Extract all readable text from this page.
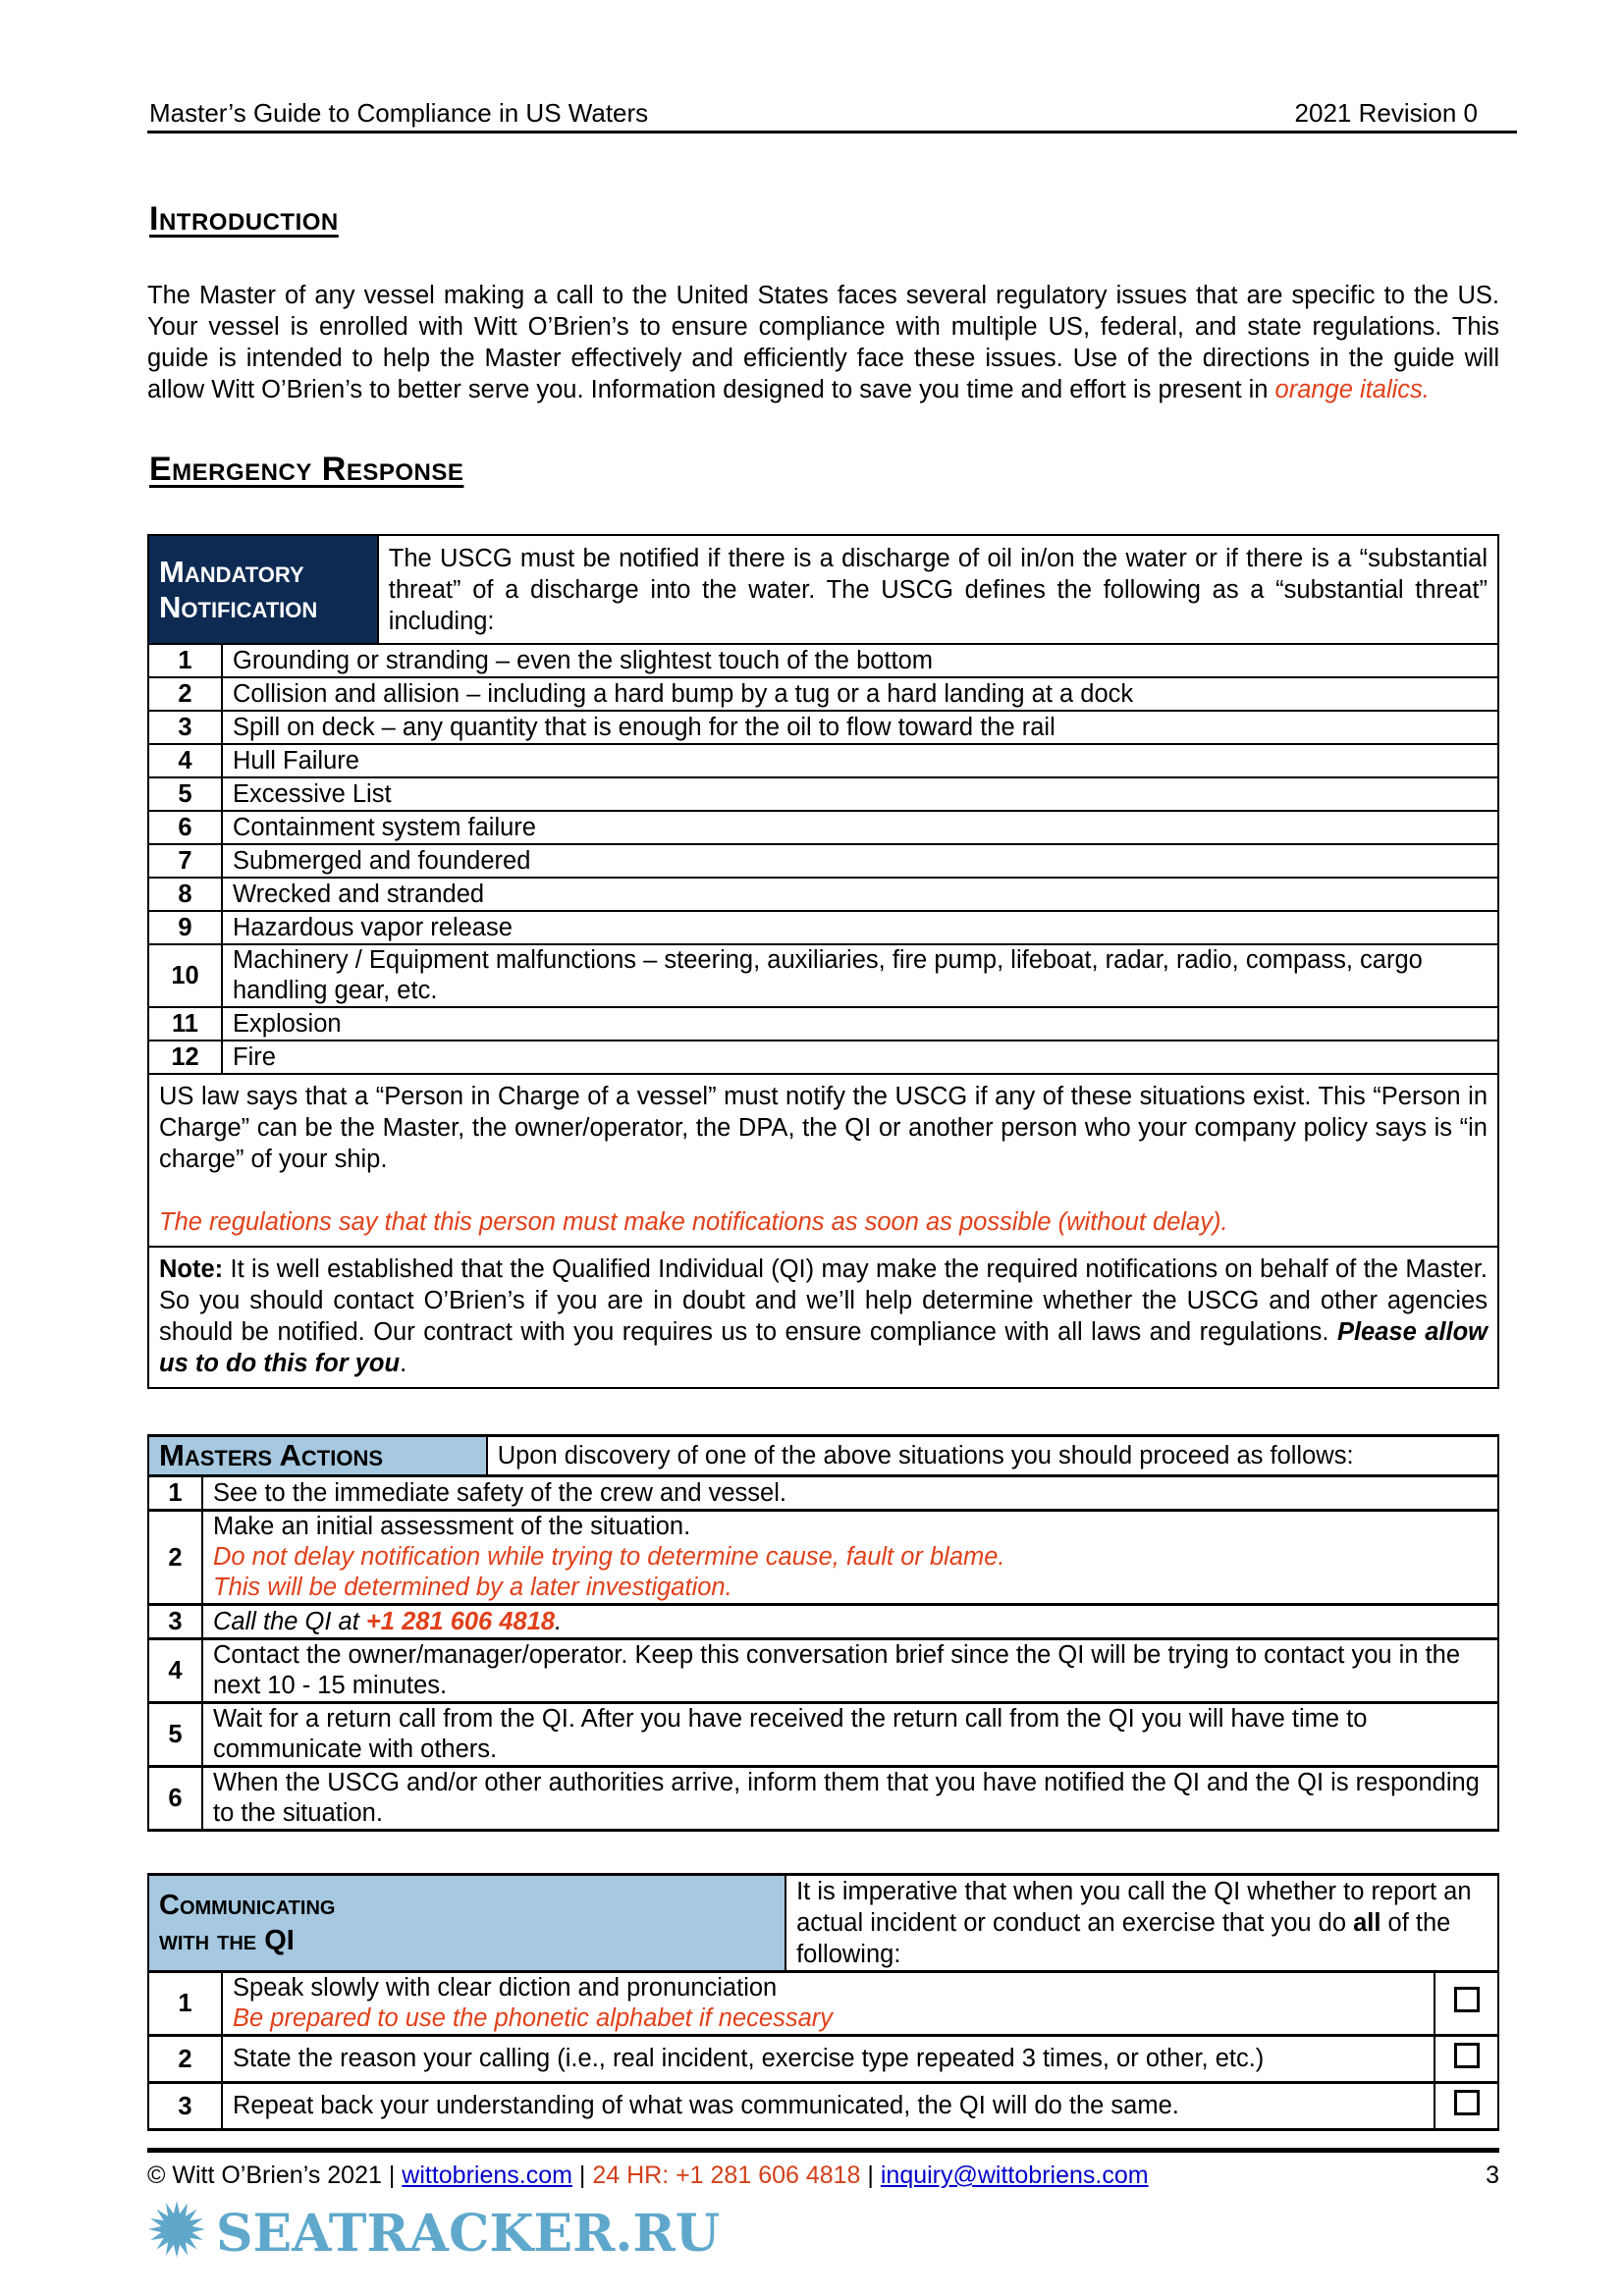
Master’s Guide to Compliance in US Waters	2021 Revision 0
Introduction

The Master of any vessel making a call to the United States faces several regulatory issues that are specific to the US. Your vessel is enrolled with Witt O’Brien’s to ensure compliance with multiple US, federal, and state regulations. This guide is intended to help the Master effectively and efficiently face these issues. Use of the directions in the guide will allow Witt O’Brien’s to better serve you. Information designed to save you time and effort is present in orange italics.

Emergency Response
Mandatory
Notification		The USCG must be notified if there is a discharge of oil in/on the water or if there is a “substantial threat” of a discharge into the water. The USCG defines the following as a “substantial threat” including:
1	Grounding or stranding – even the slightest touch of the bottom	
2	Collision and allision – including a hard bump by a tug or a hard landing at a dock	
3	Spill on deck – any quantity that is enough for the oil to flow toward the rail	
4	Hull Failure	
5	Excessive List	
6	Containment system failure	
7	Submerged and foundered	
8	Wrecked and stranded	
9	Hazardous vapor release	
10	Machinery / Equipment malfunctions – steering, auxiliaries, fire pump, lifeboat, radar, radio, compass, cargo handling gear, etc.	
11	Explosion	
12	Fire	
US law says that a “Person in Charge of a vessel” must notify the USCG if any of these situations exist. This “Person in Charge” can be the Master, the owner/operator, the DPA, the QI or another person who your company policy says is “in charge” of your ship.

The regulations say that this person must make notifications as soon as possible (without delay).		
Note: It is well established that the Qualified Individual (QI) may make the required notifications on behalf of the Master. So you should contact O’Brien’s if you are in doubt and we’ll help determine whether the USCG and other agencies should be notified. Our contract with you requires us to ensure compliance with all laws and regulations. Please allow us to do this for you.		
Masters Actions		Upon discovery of one of the above situations you should proceed as follows:
1	See to the immediate safety of the crew and vessel.	
2	Make an initial assessment of the situation.
Do not delay notification while trying to determine cause, fault or blame.
This will be determined by a later investigation.	
3	Call the QI at +1 281 606 4818.	
4	Contact the owner/manager/operator. Keep this conversation brief since the QI will be trying to contact you in the next 10 - 15 minutes.	
5	Wait for a return call from the QI. After you have received the return call from the QI you will have time to communicate with others.	
6	When the USCG and/or other authorities arrive, inform them that you have notified the QI and the QI is responding to the situation.	
Communicating
with the QI		It is imperative that when you call the QI whether to report an actual incident or conduct an exercise that you do all of the following:	
1	Speak slowly with clear diction and pronunciation
Be prepared to use the phonetic alphabet if necessary		
2	State the reason your calling (i.e., real incident, exercise type repeated 3 times, or other, etc.)		
3	Repeat back your understanding of what was communicated, the QI will do the same.		
© Witt O’Brien’s 2021 | wittobriens.com | 24 HR: +1 281 606 4818 | inquiry@wittobriens.com	3
SEATRACKER.RU
